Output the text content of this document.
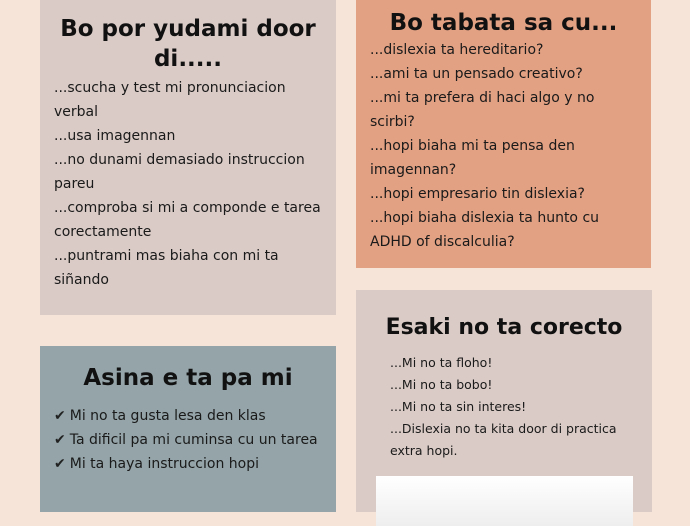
Bo por yudami door di.....
...scucha y test mi pronunciacion verbal
...usa imagennan
...no dunami demasiado instruccion pareu
...comproba si mi a componde e tarea corectamente
...puntrami mas biaha con mi ta siñando
Bo tabata sa cu...
...dislexia ta hereditario?
...ami ta un pensado creativo?
...mi ta prefera di haci algo y no scirbi?
...hopi biaha mi ta pensa den imagennan?
...hopi empresario tin dislexia?
...hopi biaha dislexia ta hunto cu ADHD of discalculia?
Asina e ta pa mi
✔ Mi no ta gusta lesa den klas
✔ Ta dificil pa mi cuminsa cu un tarea
✔ Mi ta haya instruccion hopi
Esaki no ta corecto
...Mi no ta floho!
...Mi no ta bobo!
...Mi no ta sin interes!
...Dislexia no ta kita door di practica extra hopi.
